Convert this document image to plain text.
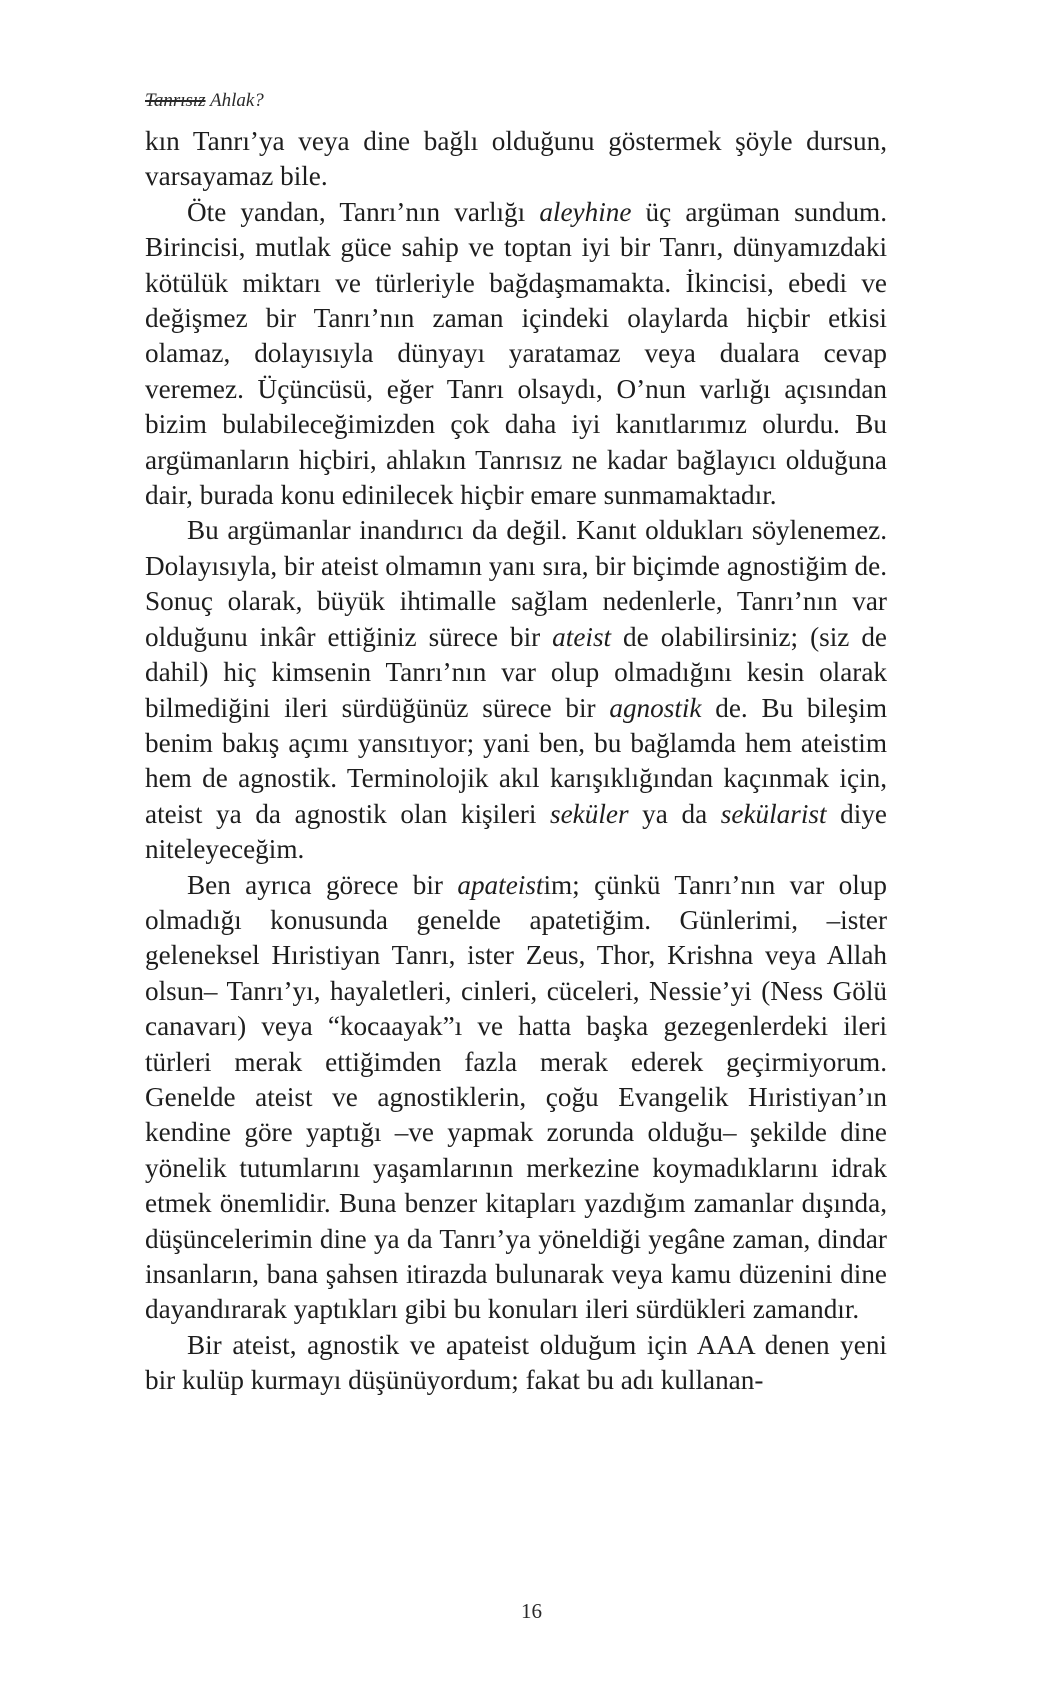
Tanrısız Ahlak?

kın Tanrı’ya veya dine bağlı olduğunu göstermek şöyle dursun, varsayamaz bile.

Öte yandan, Tanrı’nın varlığı aleyhine üç argüman sundum. Birincisi, mutlak güce sahip ve toptan iyi bir Tanrı, dünyamızdaki kötülük miktarı ve türleriyle bağdaşmamakta. İkincisi, ebedi ve değişmez bir Tanrı’nın zaman içindeki olaylarda hiçbir etkisi olamaz, dolayısıyla dünyayı yaratamaz veya dualara cevap veremez. Üçüncüsü, eğer Tanrı olsaydı, O’nun varlığı açısından bizim bulabileceğimizden çok daha iyi kanıtlarımız olurdu. Bu argümanların hiçbiri, ahlakın Tanrısız ne kadar bağlayıcı olduğuna dair, burada konu edinilecek hiçbir emare sunmamaktadır.

Bu argümanlar inandırıcı da değil. Kanıt oldukları söylenemez. Dolayısıyla, bir ateist olmamın yanı sıra, bir biçimde agnostiğim de. Sonuç olarak, büyük ihtimalle sağlam nedenlerle, Tanrı’nın var olduğunu inkâr ettiğiniz sürece bir ateist de olabilirsiniz; (siz de dahil) hiç kimsenin Tanrı’nın var olup olmadığını kesin olarak bilmediğini ileri sürdüğünüz sürece bir agnostik de. Bu bileşim benim bakış açımı yansıtıyor; yani ben, bu bağlamda hem ateistim hem de agnostik. Terminolojik akıl karışıklığından kaçınmak için, ateist ya da agnostik olan kişileri seküler ya da sekülarist diye niteleyeceğim.

Ben ayrıca görece bir apateistim; çünkü Tanrı’nın var olup olmadığı konusunda genelde apatetiğim. Günlerimi, –ister geleneksel Hıristiyan Tanrı, ister Zeus, Thor, Krishna veya Allah olsun– Tanrı’yı, hayaletleri, cinleri, cüceleri, Nessie’yi (Ness Gölü canavarı) veya “kocaayak”ı ve hatta başka gezegenlerdeki ileri türleri merak ettiğimden fazla merak ederek geçirmiyorum. Genelde ateist ve agnostiklerin, çoğu Evangelik Hıristiyan’ın kendine göre yaptığı –ve yapmak zorunda olduğu– şekilde dine yönelik tutumlarını yaşamlarının merkezine koymadıklarını idrak etmek önemlidir. Buna benzer kitapları yazdığım zamanlar dışında, düşüncelerimin dine ya da Tanrı’ya yöneldiği yegâne zaman, dindar insanların, bana şahsen itirazda bulunarak veya kamu düzenini dine dayandırarak yaptıkları gibi bu konuları ileri sürdükleri zamandır.

Bir ateist, agnostik ve apateist olduğum için AAA denen yeni bir kulüp kurmayı düşünüyordum; fakat bu adı kullanan-

16
